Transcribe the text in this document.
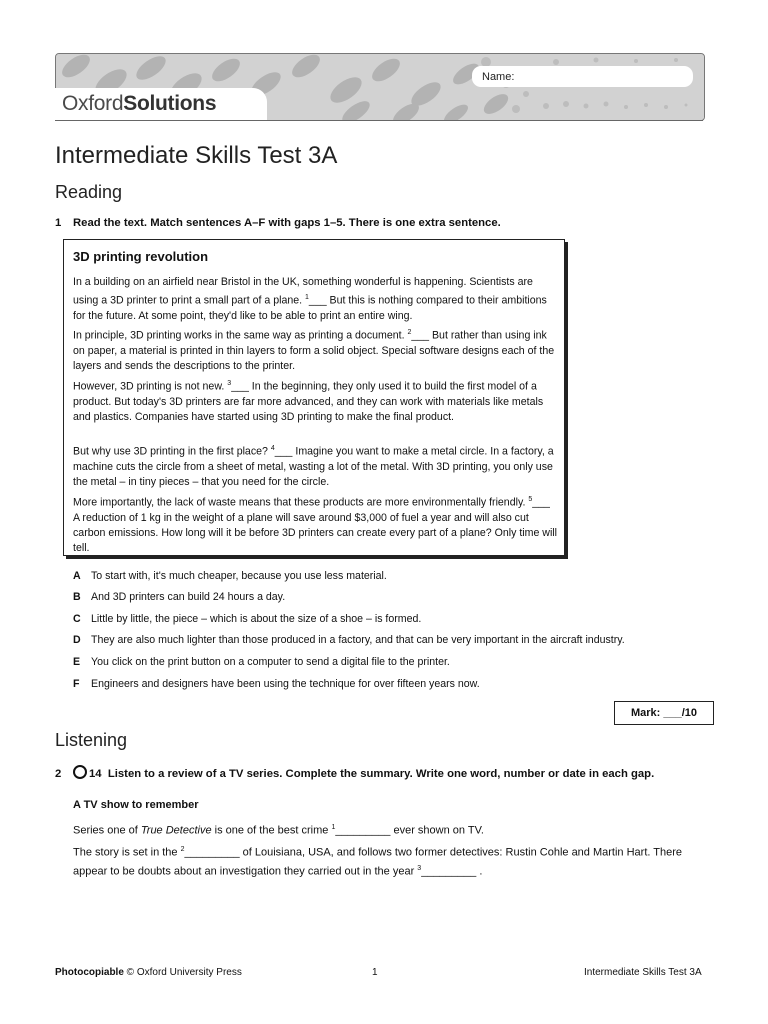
OxfordSolutions
Name:
Intermediate Skills Test 3A
Reading
1 Read the text. Match sentences A–F with gaps 1–5. There is one extra sentence.
3D printing revolution
In a building on an airfield near Bristol in the UK, something wonderful is happening. Scientists are using a 3D printer to print a small part of a plane. $^1$___ But this is nothing compared to their ambitions for the future. At some point, they'd like to be able to print an entire wing.
In principle, 3D printing works in the same way as printing a document. $^2$___ But rather than using ink on paper, a material is printed in thin layers to form a solid object. Special software designs each of the layers and sends the descriptions to the printer.
However, 3D printing is not new. $^3$___ In the beginning, they only used it to build the first model of a product. But today's 3D printers are far more advanced, and they can work with materials like metals and plastics. Companies have started using 3D printing to make the final product.
But why use 3D printing in the first place? $^4$___ Imagine you want to make a metal circle. In a factory, a machine cuts the circle from a sheet of metal, wasting a lot of the metal. With 3D printing, you only use the metal – in tiny pieces – that you need for the circle.
More importantly, the lack of waste means that these products are more environmentally friendly. $^5$___ A reduction of 1 kg in the weight of a plane will save around $3,000 of fuel a year and will also cut carbon emissions. How long will it be before 3D printers can create every part of a plane? Only time will tell.
A To start with, it's much cheaper, because you use less material.
B And 3D printers can build 24 hours a day.
C Little by little, the piece – which is about the size of a shoe – is formed.
D They are also much lighter than those produced in a factory, and that can be very important in the aircraft industry.
E You click on the print button on a computer to send a digital file to the printer.
F Engineers and designers have been using the technique for over fifteen years now.
Mark: ___/10
Listening
2 14 Listen to a review of a TV series. Complete the summary. Write one word, number or date in each gap.
A TV show to remember
Series one of True Detective is one of the best crime $^1$_________ ever shown on TV.
The story is set in the $^2$_________ of Louisiana, USA, and follows two former detectives: Rustin Cohle and Martin Hart. There appear to be doubts about an investigation they carried out in the year $^3$_________ .
Photocopiable © Oxford University Press	1	Intermediate Skills Test 3A
